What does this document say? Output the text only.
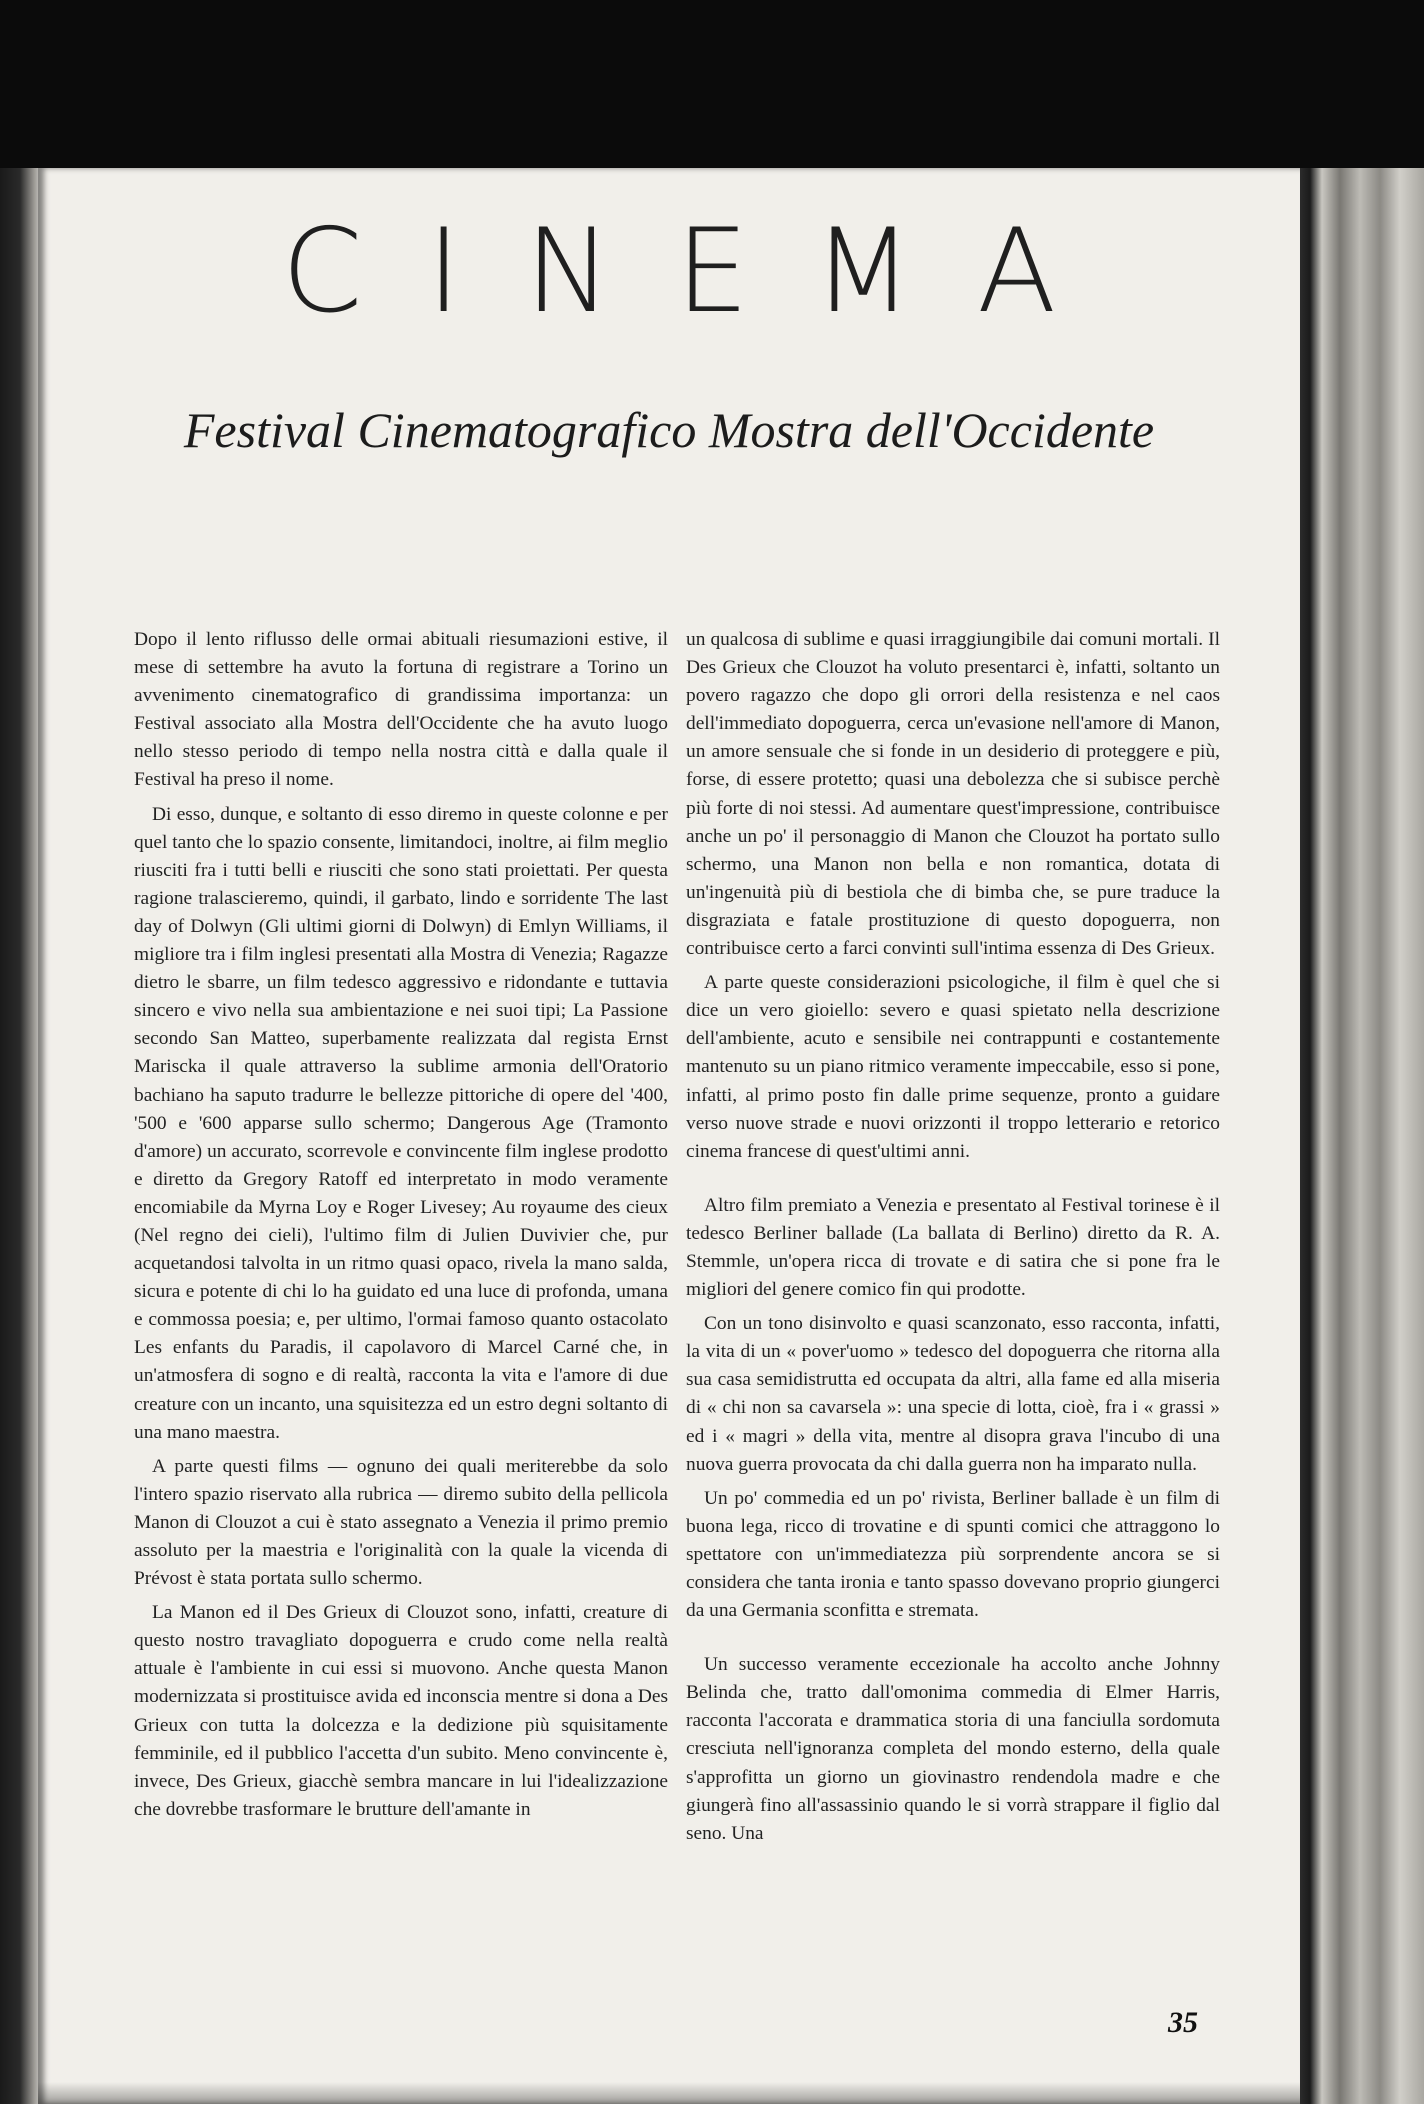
CINEMA
Festival Cinematografico Mostra dell'Occidente

Dopo il lento riflusso delle ormai abituali riesumazioni estive, il mese di settembre ha avuto la fortuna di registrare a Torino un avvenimento cinematografico di grandissima importanza: un Festival associato alla Mostra dell'Occidente che ha avuto luogo nello stesso periodo di tempo nella nostra città e dalla quale il Festival ha preso il nome.

Di esso, dunque, e soltanto di esso diremo in queste colonne e per quel tanto che lo spazio consente, limitandoci, inoltre, ai film meglio riusciti fra i tutti belli e riusciti che sono stati proiettati. Per questa ragione tralascieremo, quindi, il garbato, lindo e sorridente The last day of Dolwyn (Gli ultimi giorni di Dolwyn) di Emlyn Williams, il migliore tra i film inglesi presentati alla Mostra di Venezia; Ragazze dietro le sbarre, un film tedesco aggressivo e ridondante e tuttavia sincero e vivo nella sua ambientazione e nei suoi tipi; La Passione secondo San Matteo, superbamente realizzata dal regista Ernst Mariscka il quale attraverso la sublime armonia dell'Oratorio bachiano ha saputo tradurre le bellezze pittoriche di opere del '400, '500 e '600 apparse sullo schermo; Dangerous Age (Tramonto d'amore) un accurato, scorrevole e convincente film inglese prodotto e diretto da Gregory Ratoff ed interpretato in modo veramente encomiabile da Myrna Loy e Roger Livesey; Au royaume des cieux (Nel regno dei cieli), l'ultimo film di Julien Duvivier che, pur acquetandosi talvolta in un ritmo quasi opaco, rivela la mano salda, sicura e potente di chi lo ha guidato ed una luce di profonda, umana e commossa poesia; e, per ultimo, l'ormai famoso quanto ostacolato Les enfants du Paradis, il capolavoro di Marcel Carné che, in un'atmosfera di sogno e di realtà, racconta la vita e l'amore di due creature con un incanto, una squisitezza ed un estro degni soltanto di una mano maestra.

A parte questi films — ognuno dei quali meriterebbe da solo l'intero spazio riservato alla rubrica — diremo subito della pellicola Manon di Clouzot a cui è stato assegnato a Venezia il primo premio assoluto per la maestria e l'originalità con la quale la vicenda di Prévost è stata portata sullo schermo.

La Manon ed il Des Grieux di Clouzot sono, infatti, creature di questo nostro travagliato dopoguerra e crudo come nella realtà attuale è l'ambiente in cui essi si muovono. Anche questa Manon modernizzata si prostituisce avida ed inconscia mentre si dona a Des Grieux con tutta la dolcezza e la dedizione più squisitamente femminile, ed il pubblico l'accetta d'un subito. Meno convincente è, invece, Des Grieux, giacchè sembra mancare in lui l'idealizzazione che dovrebbe trasformare le brutture dell'amante in

un qualcosa di sublime e quasi irraggiungibile dai comuni mortali. Il Des Grieux che Clouzot ha voluto presentarci è, infatti, soltanto un povero ragazzo che dopo gli orrori della resistenza e nel caos dell'immediato dopoguerra, cerca un'evasione nell'amore di Manon, un amore sensuale che si fonde in un desiderio di proteggere e più, forse, di essere protetto; quasi una debolezza che si subisce perchè più forte di noi stessi. Ad aumentare quest'impressione, contribuisce anche un po' il personaggio di Manon che Clouzot ha portato sullo schermo, una Manon non bella e non romantica, dotata di un'ingenuità più di bestiola che di bimba che, se pure traduce la disgraziata e fatale prostituzione di questo dopoguerra, non contribuisce certo a farci convinti sull'intima essenza di Des Grieux.

A parte queste considerazioni psicologiche, il film è quel che si dice un vero gioiello: severo e quasi spietato nella descrizione dell'ambiente, acuto e sensibile nei contrappunti e costantemente mantenuto su un piano ritmico veramente impeccabile, esso si pone, infatti, al primo posto fin dalle prime sequenze, pronto a guidare verso nuove strade e nuovi orizzonti il troppo letterario e retorico cinema francese di quest'ultimi anni.

Altro film premiato a Venezia e presentato al Festival torinese è il tedesco Berliner ballade (La ballata di Berlino) diretto da R. A. Stemmle, un'opera ricca di trovate e di satira che si pone fra le migliori del genere comico fin qui prodotte.

Con un tono disinvolto e quasi scanzonato, esso racconta, infatti, la vita di un « pover'uomo » tedesco del dopoguerra che ritorna alla sua casa semidistrutta ed occupata da altri, alla fame ed alla miseria di « chi non sa cavarsela »: una specie di lotta, cioè, fra i « grassi » ed i « magri » della vita, mentre al disopra grava l'incubo di una nuova guerra provocata da chi dalla guerra non ha imparato nulla.

Un po' commedia ed un po' rivista, Berliner ballade è un film di buona lega, ricco di trovatine e di spunti comici che attraggono lo spettatore con un'immediatezza più sorprendente ancora se si considera che tanta ironia e tanto spasso dovevano proprio giungerci da una Germania sconfitta e stremata.

Un successo veramente eccezionale ha accolto anche Johnny Belinda che, tratto dall'omonima commedia di Elmer Harris, racconta l'accorata e drammatica storia di una fanciulla sordomuta cresciuta nell'ignoranza completa del mondo esterno, della quale s'approfitta un giorno un giovinastro rendendola madre e che giungerà fino all'assassinio quando le si vorrà strappare il figlio dal seno. Una

35
